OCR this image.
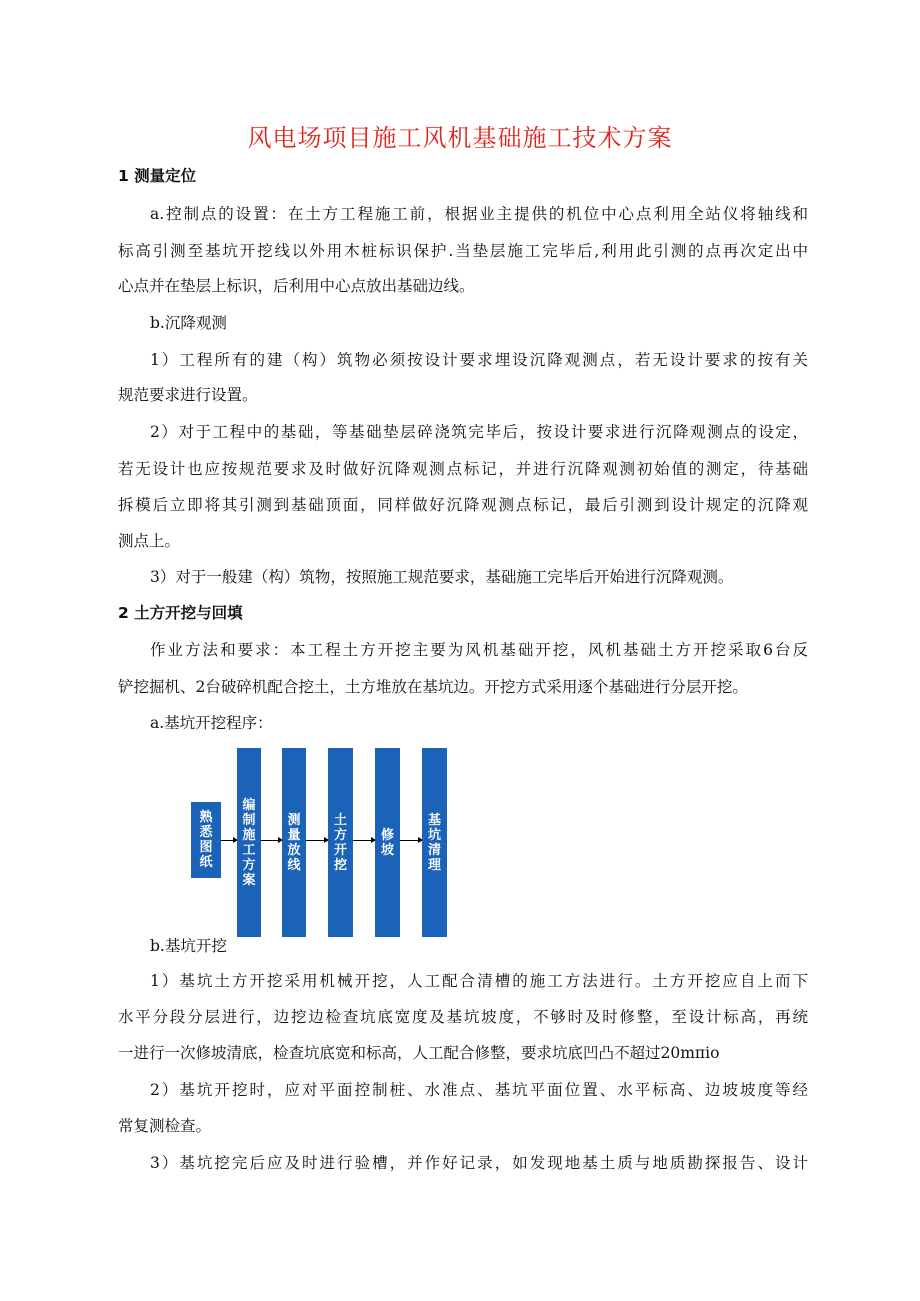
风电场项目施工风机基础施工技术方案
1 测量定位
a.控制点的设置：在土方工程施工前，根据业主提供的机位中心点利用全站仪将轴线和
标高引测至基坑开挖线以外用木桩标识保护.当垫层施工完毕后,利用此引测的点再次定出中
心点并在垫层上标识，后利用中心点放出基础边线。
b.沉降观测
1）工程所有的建（构）筑物必须按设计要求埋设沉降观测点，若无设计要求的按有关
规范要求进行设置。
2）对于工程中的基础，等基础垫层碎浇筑完毕后，按设计要求进行沉降观测点的设定，
若无设计也应按规范要求及时做好沉降观测点标记，并进行沉降观测初始值的测定，待基础
拆模后立即将其引测到基础顶面，同样做好沉降观测点标记，最后引测到设计规定的沉降观
测点上。
3）对于一般建（构）筑物，按照施工规范要求，基础施工完毕后开始进行沉降观测。
2 土方开挖与回填
作业方法和要求：本工程土方开挖主要为风机基础开挖，风机基础土方开挖采取6台反
铲挖掘机、2台破碎机配合挖土，土方堆放在基坑边。开挖方式采用逐个基础进行分层开挖。
a.基坑开挖程序：
熟悉图纸
编制施工方案
测量放线
土方开挖
修坡
基坑清理
b.基坑开挖
1）基坑土方开挖采用机械开挖，人工配合清槽的施工方法进行。土方开挖应自上而下
水平分段分层进行，边挖边检查坑底宽度及基坑坡度，不够时及时修整，至设计标高，再统
一进行一次修坡清底，检查坑底宽和标高，人工配合修整，要求坑底凹凸不超过20mπio
2）基坑开挖时，应对平面控制桩、水准点、基坑平面位置、水平标高、边坡坡度等经
常复测检查。
3）基坑挖完后应及时进行验槽，并作好记录，如发现地基土质与地质勘探报告、设计
